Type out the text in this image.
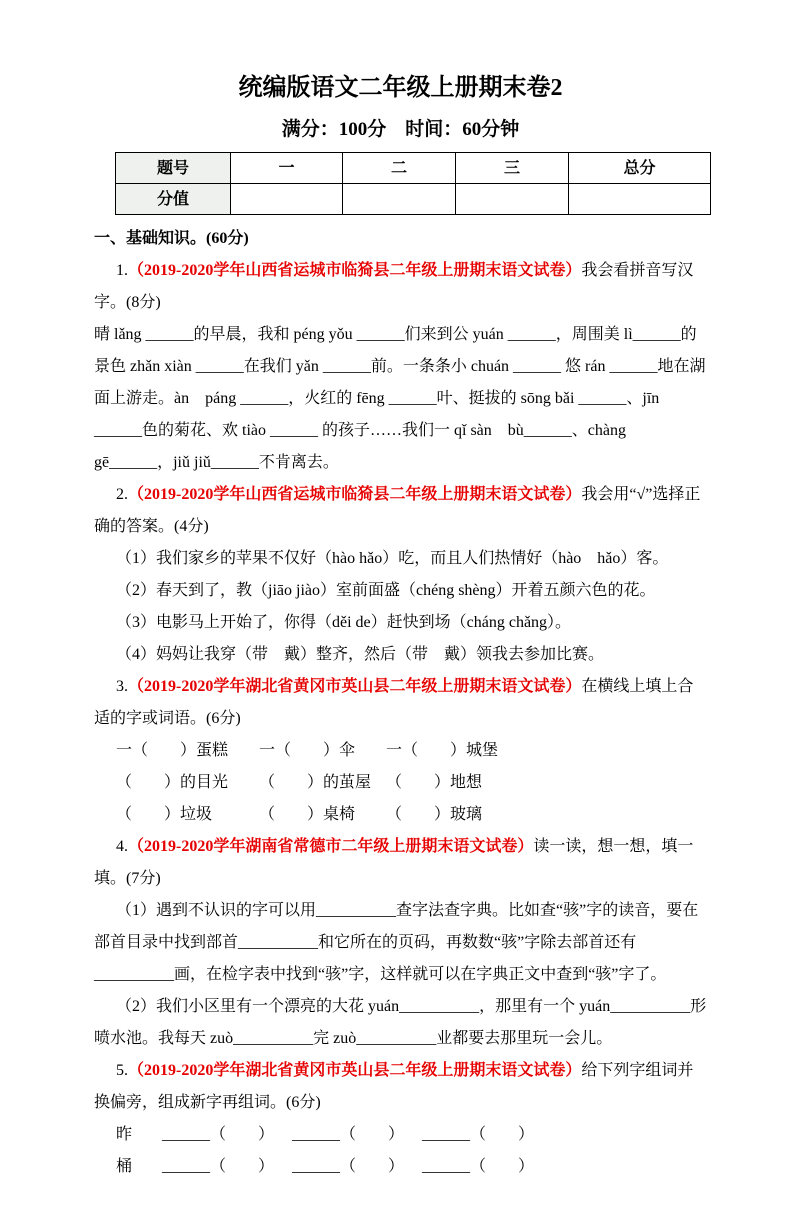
统编版语文二年级上册期末卷2
满分：100分　时间：60分钟
题号	一	二	三	总分
分值				

一、基础知识。(60分)

1.（2019-2020学年山西省运城市临猗县二年级上册期末语文试卷）我会看拼音写汉字。(8分)

晴 lǎng ______的早晨，我和 péng yǒu ______们来到公 yuán ______，周围美 lì______的景色 zhǎn xiàn ______在我们 yǎn ______前。一条条小 chuán ______ 悠 rán ______地在湖面上游走。àn　páng ______，火红的 fēng ______叶、挺拔的 sōng bǎi ______、jīn ______色的菊花、欢 tiào ______ 的孩子……我们一 qǐ sàn　bù______、chàng gē______，jiǔ jiǔ______不肯离去。

2.（2019-2020学年山西省运城市临猗县二年级上册期末语文试卷）我会用“√”选择正确的答案。(4分)

（1）我们家乡的苹果不仅好（hào hǎo）吃，而且人们热情好（hào　hǎo）客。

（2）春天到了，教（jiāo jiào）室前面盛（chéng shèng）开着五颜六色的花。

（3）电影马上开始了，你得（děi de）赶快到场（cháng chǎng）。

（4）妈妈让我穿（带　戴）整齐，然后（带　戴）领我去参加比赛。

3.（2019-2020学年湖北省黄冈市英山县二年级上册期末语文试卷）在横线上填上合适的字或词语。(6分)

一（　　）蛋糕	一（　　）伞	一（　　）城堡
（　　）的目光	（　　）的茧屋 （　　）地想
（　　）垃圾	（　　）桌椅	（　　）玻璃

4.（2019-2020学年湖南省常德市二年级上册期末语文试卷）读一读，想一想，填一填。(7分)

（1）遇到不认识的字可以用__________查字法查字典。比如查“骇”字的读音，要在部首目录中找到部首__________和它所在的页码，再数数“骇”字除去部首还有__________画，在检字表中找到“骇”字，这样就可以在字典正文中查到“骇”字了。

（2）我们小区里有一个漂亮的大花 yuán__________，那里有一个 yuán__________形喷水池。我每天 zuò__________完 zuò__________业都要去那里玩一会儿。

5.（2019-2020学年湖北省黄冈市英山县二年级上册期末语文试卷）给下列字组词并换偏旁，组成新字再组词。(6分)

昨	______（　　）	______（　　）	______（　　）
桶	______（　　）	______（　　）	______（　　）
